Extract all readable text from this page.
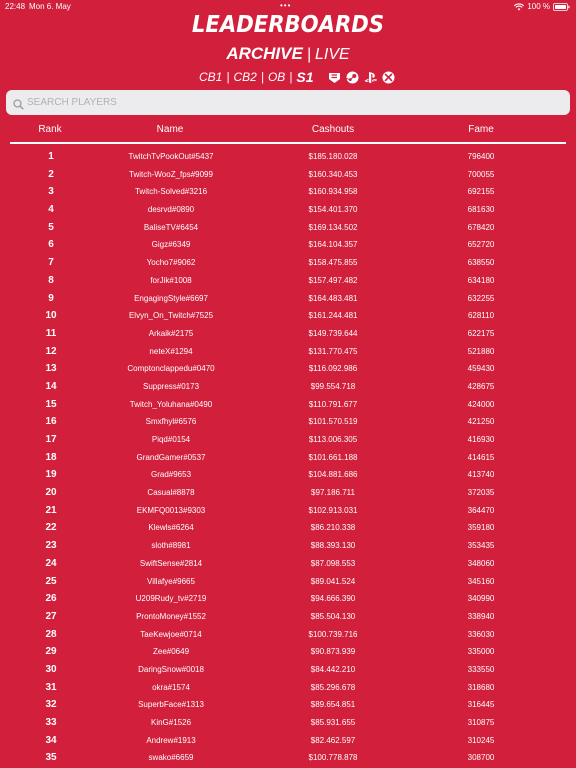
22:48 Mon 6. May	•••	100 %
LEADERBOARDS
ARCHIVE | LIVE
CB1 | CB2 | OB | S1
SEARCH PLAYERS
Rank	Name	Cashouts	Fame
1	TwitchTvPookOut#5437	$185.180.028	796400
2	Twitch-WooZ_fps#9099	$160.340.453	700055
3	Twitch-Solved#3216	$160.934.958	692155
4	desrvd#0890	$154.401.370	681630
5	BaliseTV#6454	$169.134.502	678420
6	Gigz#6349	$164.104.357	652720
7	Yocho7#9062	$158.475.855	638550
8	forJik#1008	$157.497.482	634180
9	EngagingStyle#6697	$164.483.481	632255
10	Elvyn_On_Twitch#7525	$161.244.481	628110
11	Arkaik#2175	$149.739.644	622175
12	neteX#1294	$131.770.475	521880
13	Comptonclappedu#0470	$116.092.986	459430
14	Suppress#0173	$99.554.718	428675
15	Twitch_Yoluhana#0490	$110.791.677	424000
16	Smxfhyl#6576	$101.570.519	421250
17	Piqd#0154	$113.006.305	416930
18	GrandGamer#0537	$101.661.188	414615
19	Grad#9653	$104.881.686	413740
20	Casual#8878	$97.186.711	372035
21	EKMFQ0013#9303	$102.913.031	364470
22	Klewls#6264	$86.210.338	359180
23	sloth#8981	$88.393.130	353435
24	SwiftSense#2814	$87.098.553	348060
25	Villafye#9665	$89.041.524	345160
26	U209Rudy_tv#2719	$94.666.390	340990
27	ProntoMoney#1552	$85.504.130	338940
28	TaeKewjoe#0714	$100.739.716	336030
29	Zee#0649	$90.873.939	335000
30	DaringSnow#0018	$84.442.210	333550
31	okra#1574	$85.296.678	318680
32	SuperbFace#1313	$89.654.851	316445
33	KinG#1526	$85.931.655	310875
34	Andrew#1913	$82.462.597	310245
35	swako#6659	$100.778.878	308700
